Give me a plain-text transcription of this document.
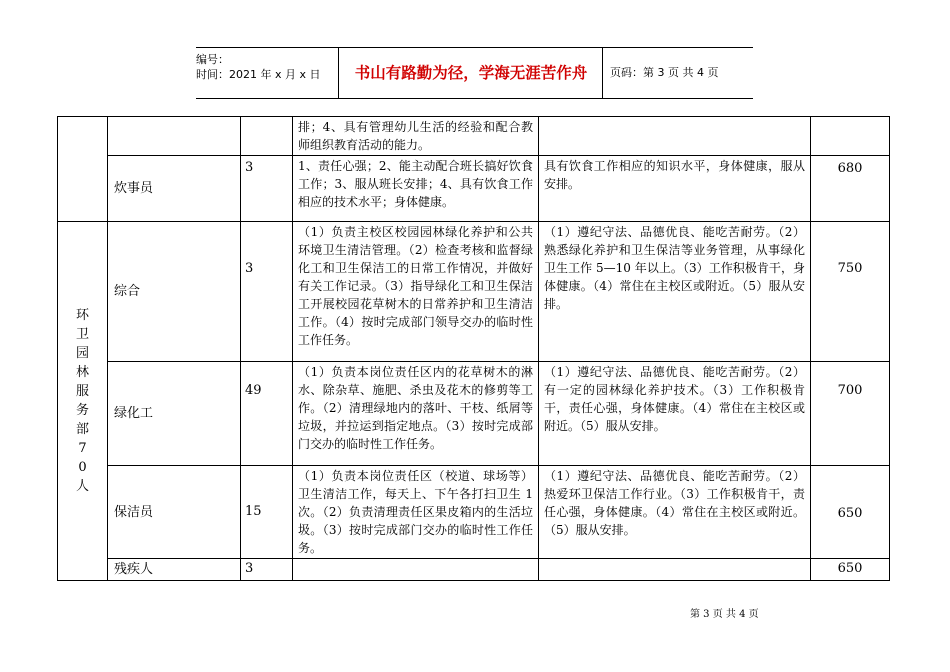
编号：
时间：2021 年 x 月 x 日	书山有路勤为径，学海无涯苦作舟	页码：第 3 页 共 4 页
			排；4、具有管理幼儿生活的经验和配合教师组织教育活动的能力。		
	炊事员	3	1、责任心强；2、能主动配合班长搞好饮食工作；3、服从班长安排；4、具有饮食工作相应的技术水平；身体健康。	具有饮食工作相应的知识水平，身体健康，服从安排。	680

环卫园林服务部70人	综合	3	（1）负责主校区校园园林绿化养护和公共环境卫生清洁管理。（2）检查考核和监督绿化工和卫生保洁工的日常工作情况，并做好有关工作记录。（3）指导绿化工和卫生保洁工开展校园花草树木的日常养护和卫生清洁工作。（4）按时完成部门领导交办的临时性工作任务。	（1）遵纪守法、品德优良、能吃苦耐劳。（2）熟悉绿化养护和卫生保洁等业务管理，从事绿化卫生工作 5—10 年以上。（3）工作积极肯干，身体健康。（4）常住在主校区或附近。（5）服从安排。	750
	绿化工	49	（1）负责本岗位责任区内的花草树木的淋水、除杂草、施肥、杀虫及花木的修剪等工作。（2）清理绿地内的落叶、干枝、纸屑等垃圾，并拉运到指定地点。（3）按时完成部门交办的临时性工作任务。	（1）遵纪守法、品德优良、能吃苦耐劳。（2）有一定的园林绿化养护技术。（3）工作积极肯干，责任心强，身体健康。（4）常住在主校区或附近。（5）服从安排。	700
	保洁员	15	（1）负责本岗位责任区（校道、球场等）卫生清洁工作，每天上、下午各打扫卫生 1 次。（2）负责清理责任区果皮箱内的生活垃圾。（3）按时完成部门交办的临时性工作任务。	（1）遵纪守法、品德优良、能吃苦耐劳。（2）热爱环卫保洁工作行业。（3）工作积极肯干，责任心强，身体健康。（4）常住在主校区或附近。（5）服从安排。	650
	残疾人	3			650
第 3 页 共 4 页
